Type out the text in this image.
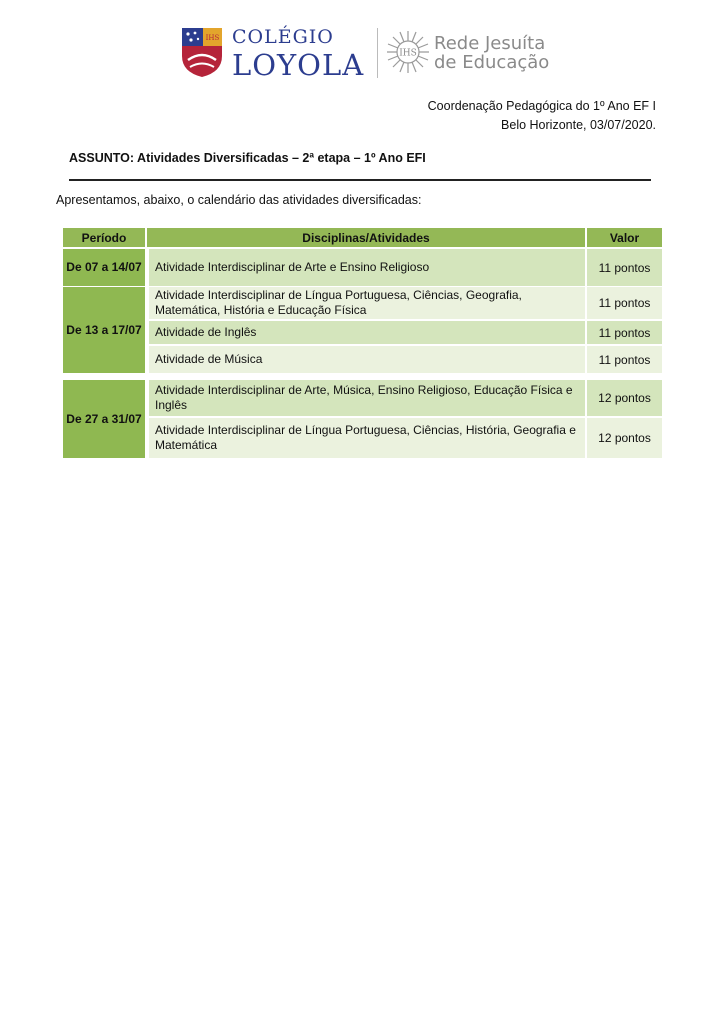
IHS COLÉGIO
LOYOLA	IHS Rede Jesuíta
de Educação
Coordenação Pedagógica do 1º Ano EF I
Belo Horizonte, 03/07/2020.
ASSUNTO: Atividades Diversificadas – 2ª etapa – 1º Ano EFI
Apresentamos, abaixo, o calendário das atividades diversificadas:
Período	Disciplinas/Atividades	Valor
De 07 a 14/07	Atividade Interdisciplinar de Arte e Ensino Religioso	11 pontos
De 13 a 17/07
Atividade Interdisciplinar de Língua Portuguesa, Ciências, Geografia, Matemática, História e Educação Física	11 pontos
Atividade de Inglês	11 pontos
Atividade de Música	11 pontos
De 27 a 31/07
Atividade Interdisciplinar de Arte, Música, Ensino Religioso, Educação Física e Inglês	12 pontos
Atividade Interdisciplinar de Língua Portuguesa, Ciências, História, Geografia e Matemática	12 pontos
